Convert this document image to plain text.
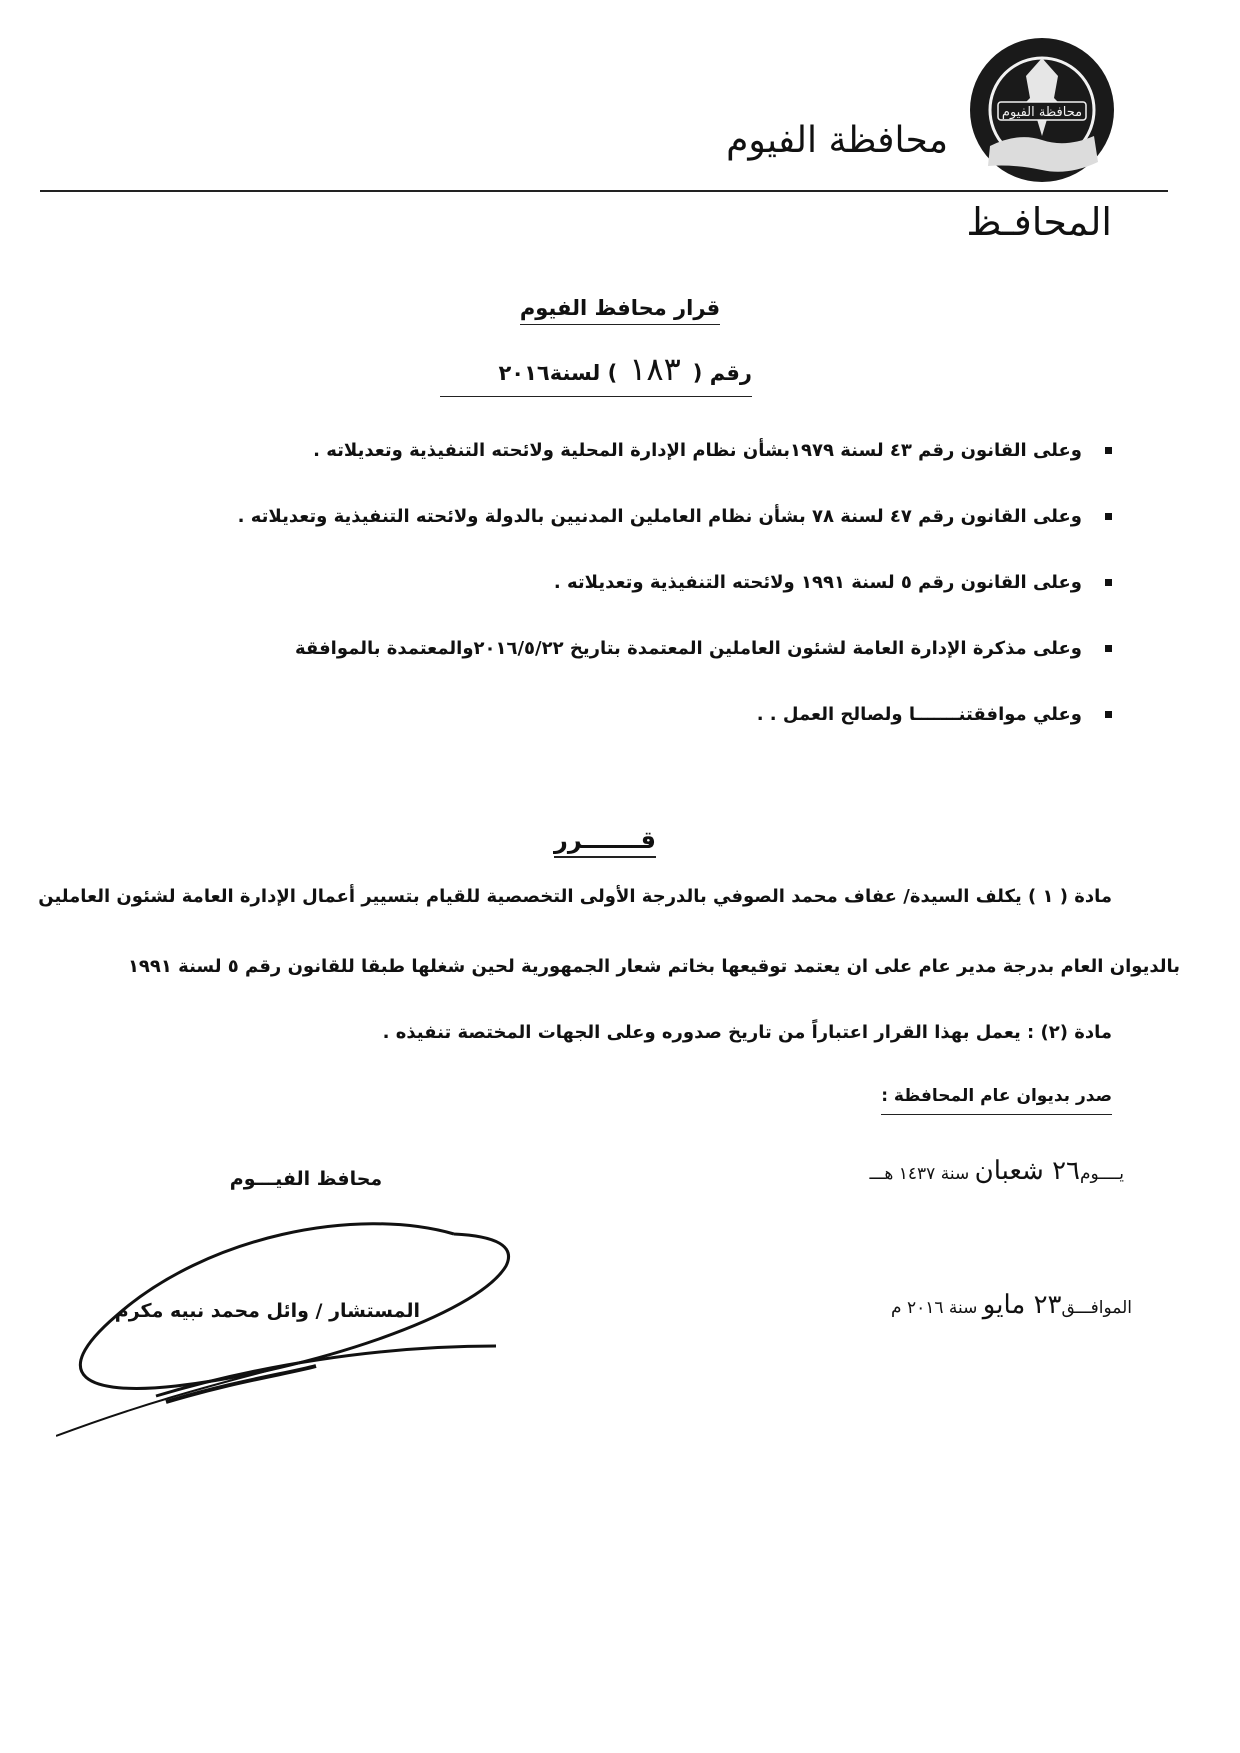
محافظة الفيوم
محافظة الفيوم
المحافـظ
قرار محافظ الفيوم
رقم (١٨٣) لسنة٢٠١٦
وعلى القانون رقم ٤٣ لسنة ١٩٧٩بشأن نظام الإدارة المحلية ولائحته التنفيذية وتعديلاته .
وعلى القانون رقم ٤٧ لسنة ٧٨ بشأن نظام العاملين المدنيين بالدولة ولائحته التنفيذية وتعديلاته .
وعلى القانون رقم ٥ لسنة ١٩٩١ ولائحته التنفيذية وتعديلاته .
وعلى مذكرة الإدارة العامة لشئون العاملين المعتمدة بتاريخ ٢٠١٦/٥/٢٢والمعتمدة بالموافقة
وعلي موافقتنـــــــا ولصالح العمل . .
قـــــــرر
مادة ( ١ ) يكلف السيدة/ عفاف محمد الصوفي بالدرجة الأولى التخصصية للقيام بتسيير أعمال الإدارة العامة لشئون العاملين
بالديوان العام بدرجة مدير عام على ان يعتمد توقيعها بخاتم شعار الجمهورية لحين شغلها طبقا للقانون رقم ٥ لسنة ١٩٩١
مادة (٢) : يعمل بهذا القرار اعتباراً من تاريخ صدوره وعلى الجهات المختصة تنفيذه .
صدر بديوان عام المحافظة :
يــــوم٢٦ شعبان سنة ١٤٣٧ هـــ
الموافـــق٢٣ مايو سنة ٢٠١٦ م
محافظ الفيـــوم
المستشار / وائل محمد نبيه مكرم
